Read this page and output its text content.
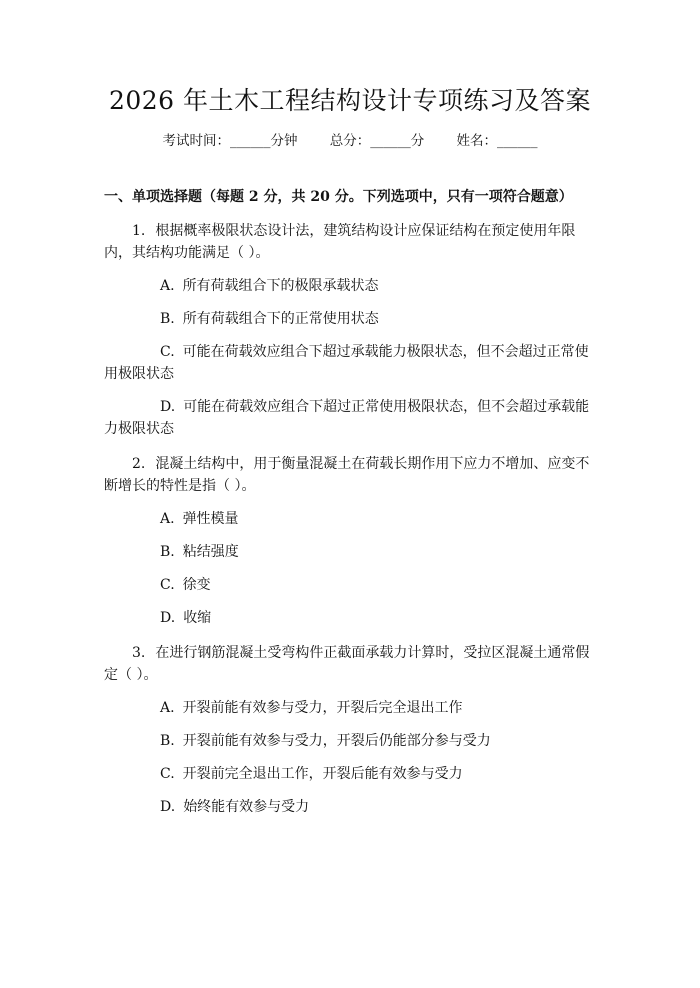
2026 年土木工程结构设计专项练习及答案
考试时间：______分钟 总分：______分 姓名：______
一、单项选择题（每题 2 分，共 20 分。下列选项中，只有一项符合题意）
1. 根据概率极限状态设计法，建筑结构设计应保证结构在预定使用年限内，其结构功能满足（ ）。
A. 所有荷载组合下的极限承载状态
B. 所有荷载组合下的正常使用状态
C. 可能在荷载效应组合下超过承载能力极限状态，但不会超过正常使用极限状态
D. 可能在荷载效应组合下超过正常使用极限状态，但不会超过承载能力极限状态
2. 混凝土结构中，用于衡量混凝土在荷载长期作用下应力不增加、应变不断增长的特性是指（ ）。
A. 弹性模量
B. 粘结强度
C. 徐变
D. 收缩
3. 在进行钢筋混凝土受弯构件正截面承载力计算时，受拉区混凝土通常假定（ ）。
A. 开裂前能有效参与受力，开裂后完全退出工作
B. 开裂前能有效参与受力，开裂后仍能部分参与受力
C. 开裂前完全退出工作，开裂后能有效参与受力
D. 始终能有效参与受力
